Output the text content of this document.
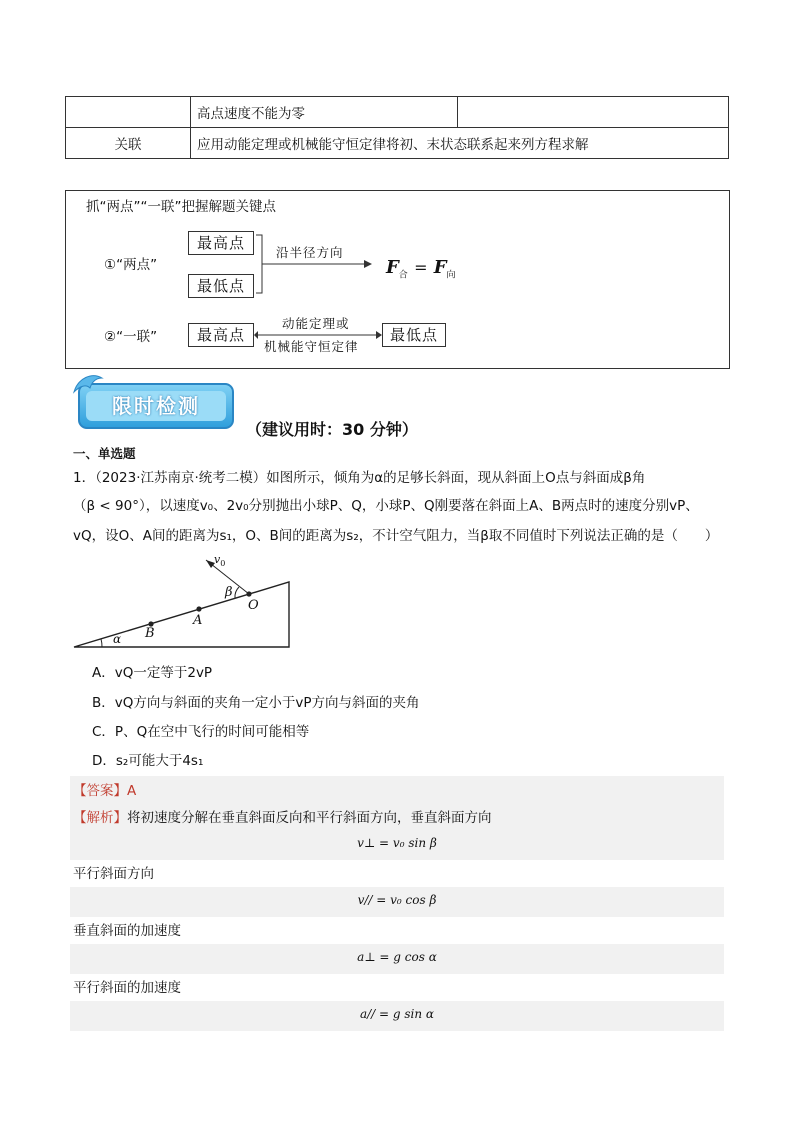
	高点速度不能为零	
关联	应用动能定理或机械能守恒定律将初、末状态联系起来列方程求解	
抓“两点”“一联”把握解题关键点
①“两点”
最高点
最低点
沿半径方向
$F_合 = F_向$
②“一联”	最高点
动能定理或
机械能守恒定律
最低点
限时检测
（建议用时：30 分钟）
一、单选题
1．（2023·江苏南京·统考二模）如图所示，倾角为α的足够长斜面，现从斜面上O点与斜面成β角
（β < 90°），以速度v₀、2v₀分别抛出小球P、Q，小球P、Q刚要落在斜面上A、B两点时的速度分别vP、
vQ，设O、A间的距离为s₁，O、B间的距离为s₂，不计空气阻力，当β取不同值时下列说法正确的是（　　）
$v_0$
β
O
A
B
α
A．vQ一定等于2vP
B．vQ方向与斜面的夹角一定小于vP方向与斜面的夹角
C．P、Q在空中飞行的时间可能相等
D．s₂可能大于4s₁
【答案】A
【解析】将初速度分解在垂直斜面反向和平行斜面方向，垂直斜面方向
v⊥ = v₀ sin β
平行斜面方向
v// = v₀ cos β
垂直斜面的加速度
a⊥ = g cos α
平行斜面的加速度
a// = g sin α
